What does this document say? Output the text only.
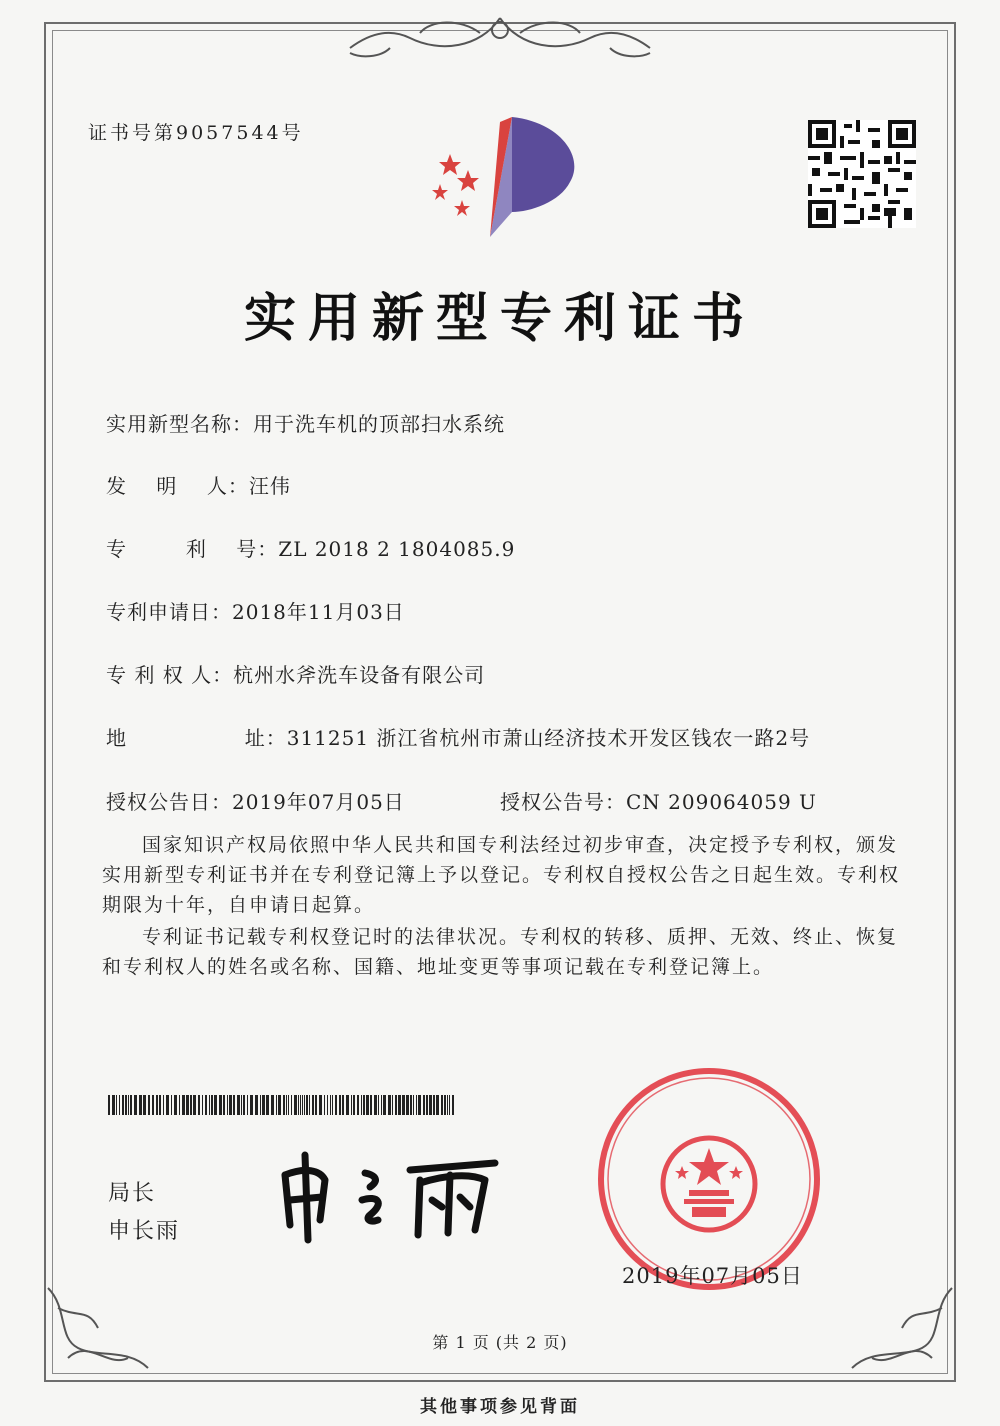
证书号第9057544号
实用新型专利证书
实用新型名称：用于洗车机的顶部扫水系统
发    明    人：汪伟
专        利    号：ZL 2018 2 1804085.9
专利申请日：2018年11月03日
专 利 权 人：杭州水斧洗车设备有限公司
地                址：311251 浙江省杭州市萧山经济技术开发区钱农一路2号
授权公告日：2019年07月05日	授权公告号：CN 209064059 U
国家知识产权局依照中华人民共和国专利法经过初步审查，决定授予专利权，颁发实用新型专利证书并在专利登记簿上予以登记。专利权自授权公告之日起生效。专利权期限为十年，自申请日起算。
专利证书记载专利权登记时的法律状况。专利权的转移、质押、无效、终止、恢复和专利权人的姓名或名称、国籍、地址变更等事项记载在专利登记簿上。
局长
申长雨
2019年07月05日
第 1 页 (共 2 页)
其他事项参见背面
